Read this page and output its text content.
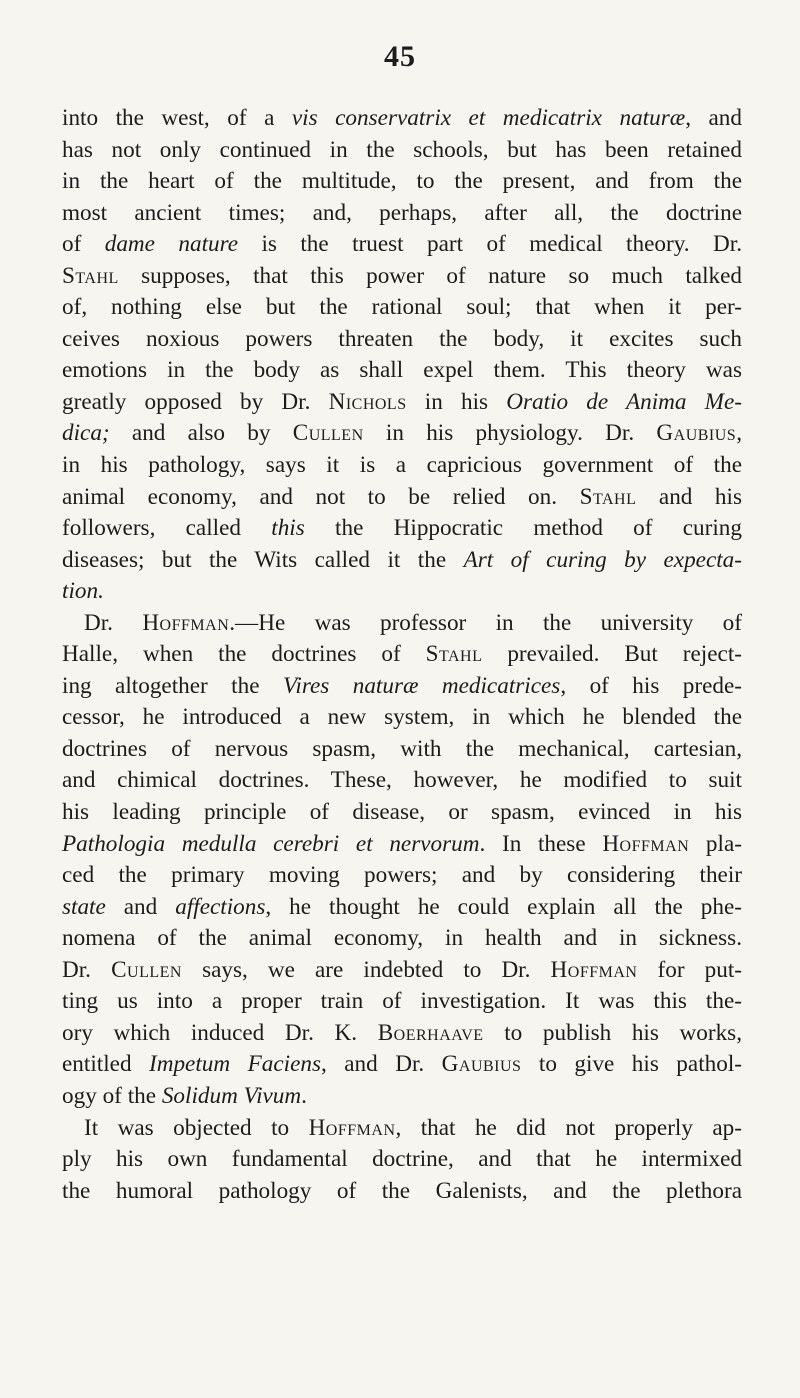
45
into the west, of a vis conservatrix et medicatrix naturæ, and
has not only continued in the schools, but has been retained
in the heart of the multitude, to the present, and from the
most ancient times; and, perhaps, after all, the doctrine
of dame nature is the truest part of medical theory. Dr.
Stahl supposes, that this power of nature so much talked
of, nothing else but the rational soul; that when it per-
ceives noxious powers threaten the body, it excites such
emotions in the body as shall expel them. This theory was
greatly opposed by Dr. Nichols in his Oratio de Anima Me-
dica; and also by Cullen in his physiology. Dr. Gaubius,
in his pathology, says it is a capricious government of the
animal economy, and not to be relied on. Stahl and his
followers, called this the Hippocratic method of curing
diseases; but the Wits called it the Art of curing by expecta-
tion.
Dr. Hoffman.—He was professor in the university of
Halle, when the doctrines of Stahl prevailed. But reject-
ing altogether the Vires naturæ medicatrices, of his prede-
cessor, he introduced a new system, in which he blended the
doctrines of nervous spasm, with the mechanical, cartesian,
and chimical doctrines. These, however, he modified to suit
his leading principle of disease, or spasm, evinced in his
Pathologia medulla cerebri et nervorum. In these Hoffman pla-
ced the primary moving powers; and by considering their
state and affections, he thought he could explain all the phe-
nomena of the animal economy, in health and in sickness.
Dr. Cullen says, we are indebted to Dr. Hoffman for put-
ting us into a proper train of investigation. It was this the-
ory which induced Dr. K. Boerhaave to publish his works,
entitled Impetum Faciens, and Dr. Gaubius to give his pathol-
ogy of the Solidum Vivum.
It was objected to Hoffman, that he did not properly ap-
ply his own fundamental doctrine, and that he intermixed
the humoral pathology of the Galenists, and the plethora
